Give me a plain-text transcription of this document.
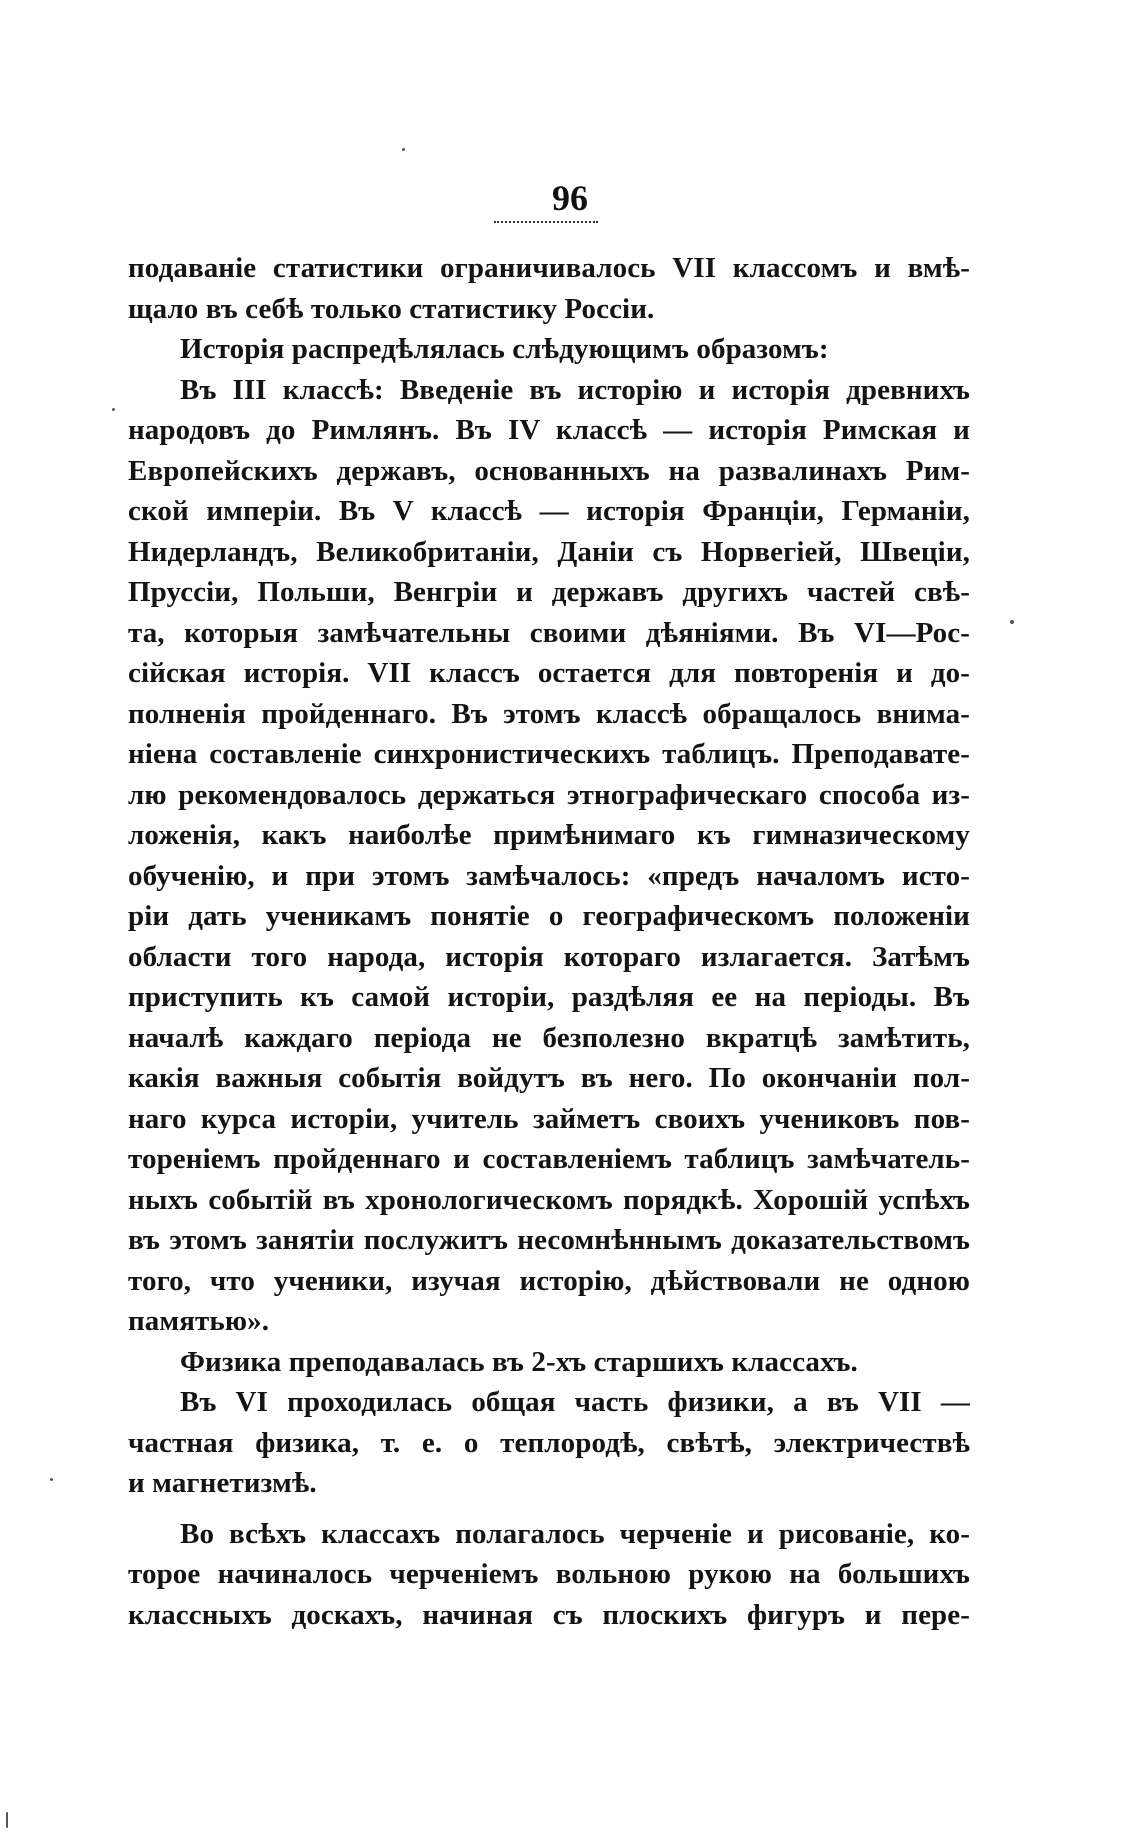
96
подаваніе статистики ограничивалось VII классомъ и вмѣ-
щало въ себѣ только статистику Россіи.
Исторія распредѣлялась слѣдующимъ образомъ:
Въ III классѣ: Введеніе въ исторію и исторія древнихъ
народовъ до Римлянъ. Въ IV классѣ — исторія Римская и
Европейскихъ державъ, основанныхъ на развалинахъ Рим-
ской имперіи. Въ V классѣ — исторія Франціи, Германіи,
Нидерландъ, Великобританіи, Даніи съ Норвегіей, Швеціи,
Пруссіи, Польши, Венгріи и державъ другихъ частей свѣ-
та, которыя замѣчательны своими дѣяніями. Въ VI—Рос-
сійская исторія. VII классъ остается для повторенія и до-
полненія пройденнаго. Въ этомъ классѣ обращалось внима-
ніена составленіе синхронистическихъ таблицъ. Преподавате-
лю рекомендовалось держаться этнографическаго способа из-
ложенія, какъ наиболѣе примѣнимаго къ гимназическому
обученію, и при этомъ замѣчалось: «предъ началомъ исто-
ріи дать ученикамъ понятіе о географическомъ положеніи
области того народа, исторія котораго излагается. Затѣмъ
приступить къ самой исторіи, раздѣляя ее на періоды. Въ
началѣ каждаго періода не безполезно вкратцѣ замѣтить,
какія важныя событія войдутъ въ него. По окончаніи пол-
наго курса исторіи, учитель займетъ своихъ учениковъ пов-
тореніемъ пройденнаго и составленіемъ таблицъ замѣчатель-
ныхъ событій въ хронологическомъ порядкѣ. Хорошій успѣхъ
въ этомъ занятіи послужитъ несомнѣннымъ доказательствомъ
того, что ученики, изучая исторію, дѣйствовали не одною
памятью».
Физика преподавалась въ 2-хъ старшихъ классахъ.
Въ VI проходилась общая часть физики, а въ VII —
частная физика, т. е. о теплородѣ, свѣтѣ, электричествѣ
и магнетизмѣ.
Во всѣхъ классахъ полагалось черченіе и рисованіе, ко-
торое начиналось черченіемъ вольною рукою на большихъ
классныхъ доскахъ, начиная съ плоскихъ фигуръ и пере-
